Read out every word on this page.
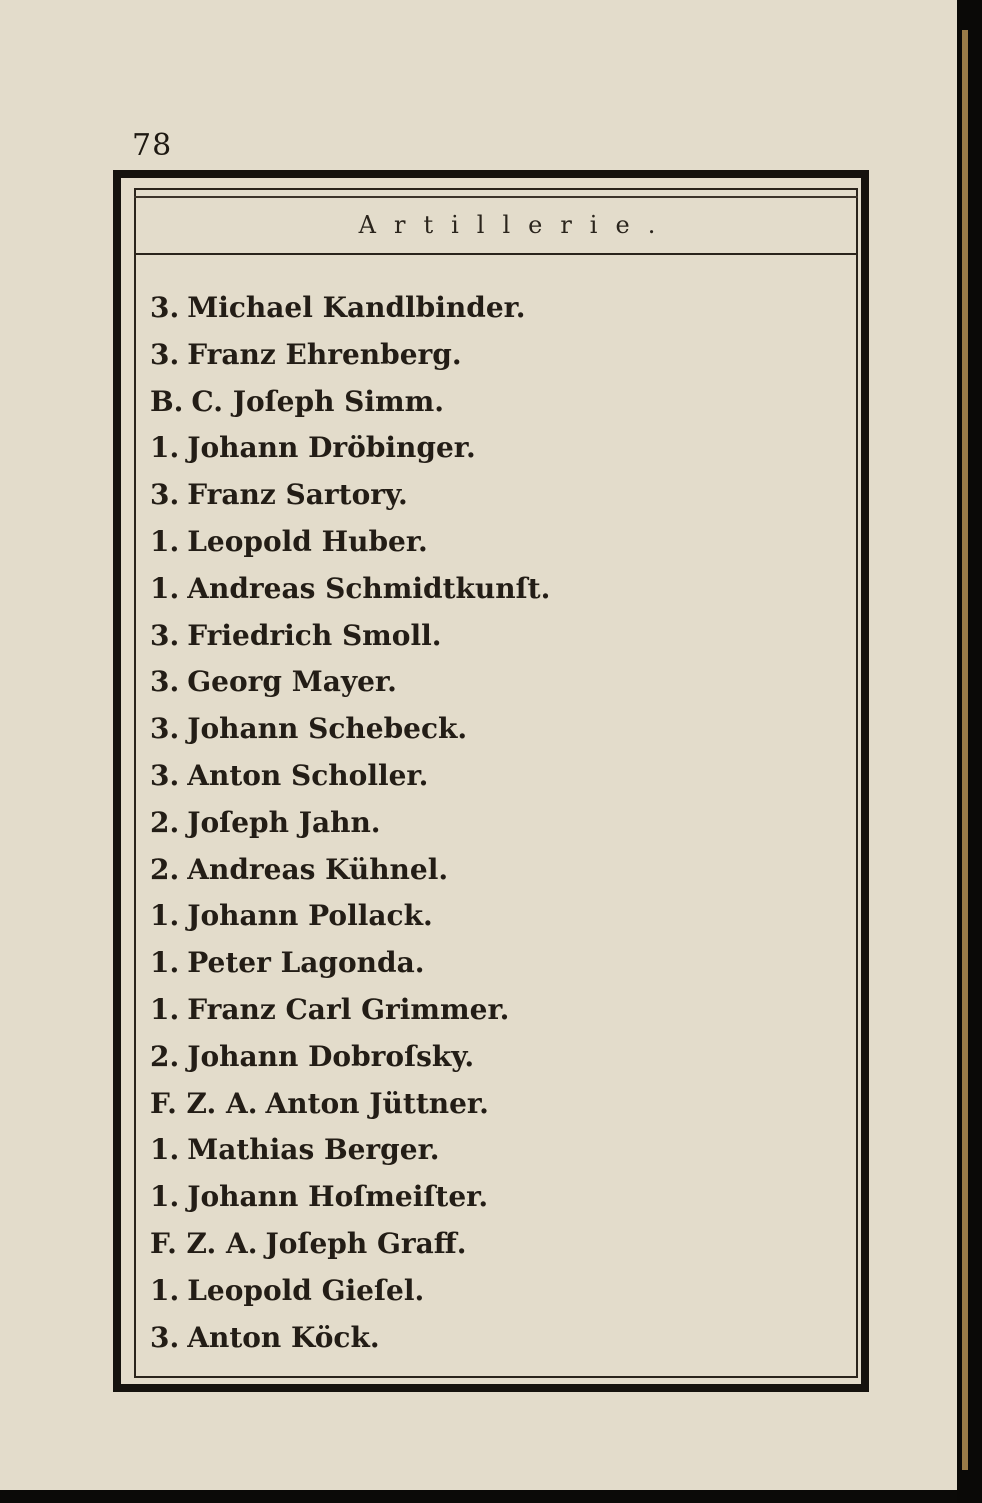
78
Artillerie.
3. Michael Kandlbinder.
3. Franz Ehrenberg.
B. C. Joſeph Simm.
1. Johann Dröbinger.
3. Franz Sartory.
1. Leopold Huber.
1. Andreas Schmidtkunſt.
3. Friedrich Smoll.
3. Georg Mayer.
3. Johann Schebeck.
3. Anton Scholler.
2. Joſeph Jahn.
2. Andreas Kühnel.
1. Johann Pollack.
1. Peter Lagonda.
1. Franz Carl Grimmer.
2. Johann Dobroſsky.
F. Z. A. Anton Jüttner.
1. Mathias Berger.
1. Johann Hoſmeiſter.
F. Z. A. Joſeph Graff.
1. Leopold Gieſel.
3. Anton Köck.
